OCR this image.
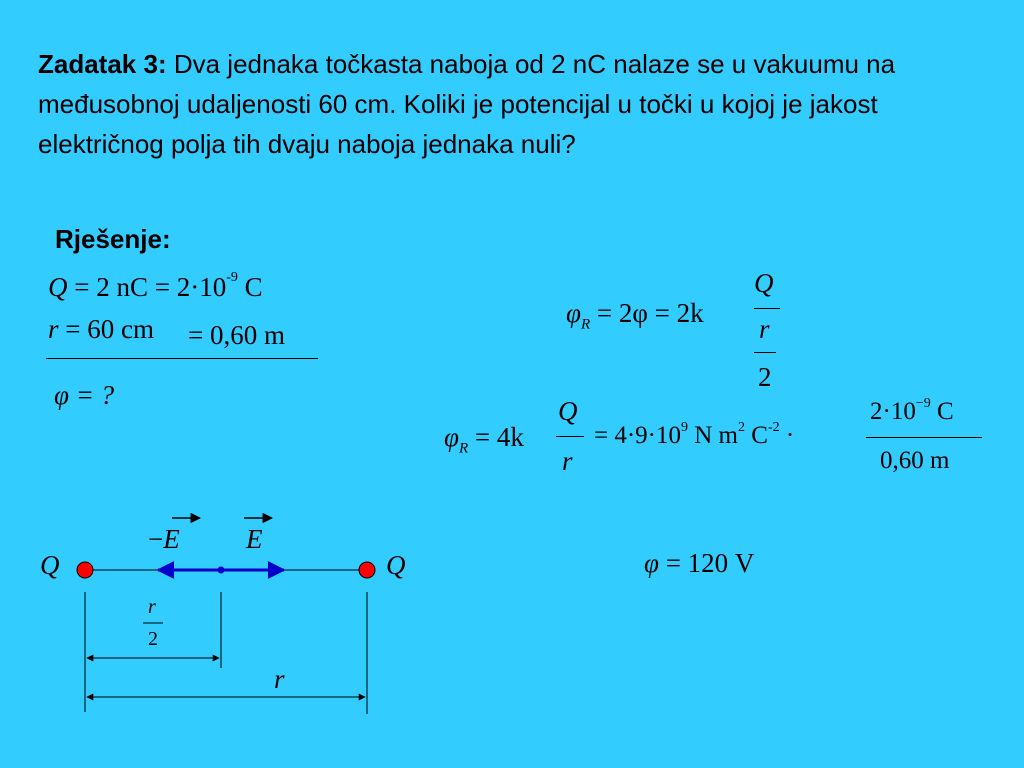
Zadatak 3: Dva jednaka točkasta naboja od 2 nC nalaze se u vakuumu na međusobnoj udaljenosti 60 cm. Koliki je potencijal u točki u kojoj je jakost električnog polja tih dvaju naboja jednaka nuli?
Rješenje:
Q = 2 nC = $2\cdot 10^{-9}$ C
r = 60 cm = 0,60 m
φ = ?
$\varphi_R = 2\varphi = 2k$
Q
r
2
$\varphi_R = 4k$
Q
r
= $4\cdot 9\cdot 10^9$ N $m^2$ $C^{-2}$ ·
$2\cdot 10^{-9}$ C
0,60 m
φ = 120 V
Q	Q
−E E
r
2
r
